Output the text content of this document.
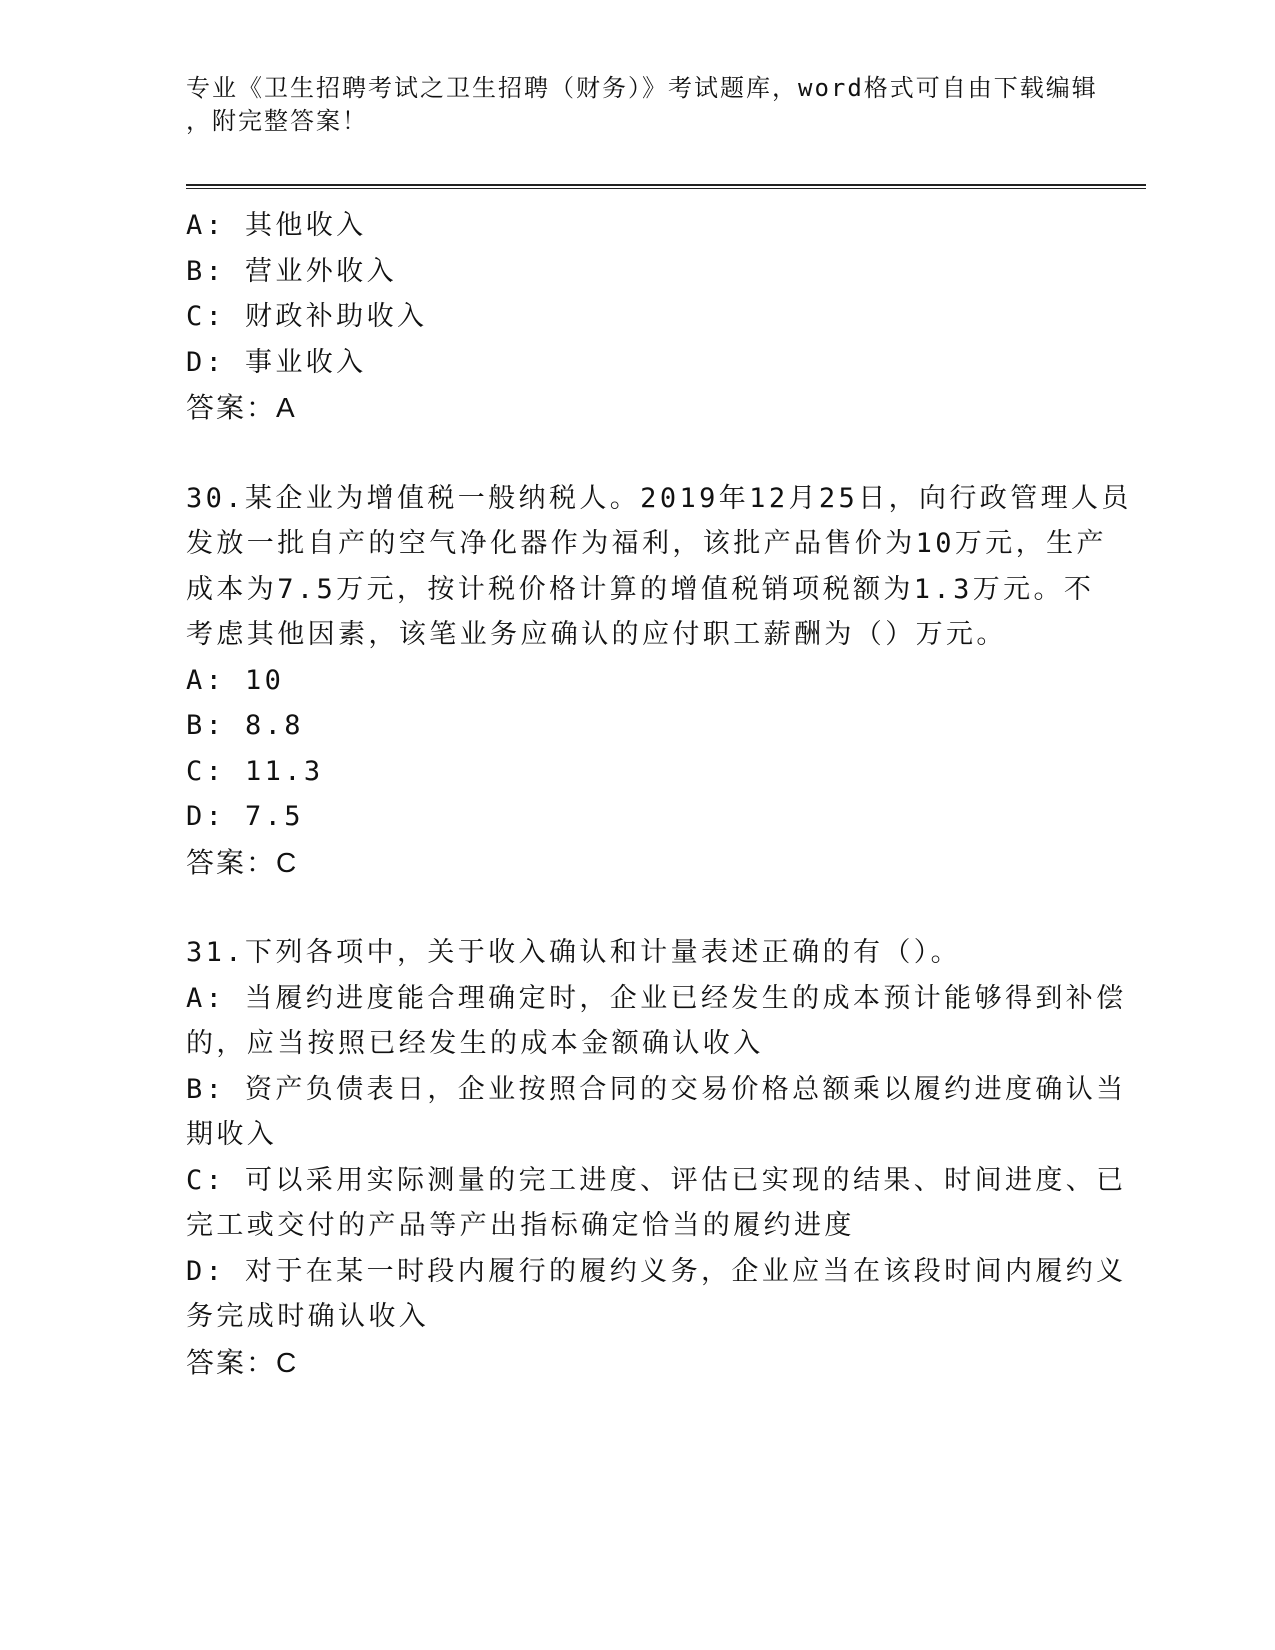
专业《卫生招聘考试之卫生招聘（财务）》考试题库，word格式可自由下载编辑

，附完整答案！

A: 其他收入

B: 营业外收入

C: 财政补助收入

D: 事业收入

答案：A

30.某企业为增值税一般纳税人。2019年12月25日，向行政管理人员

发放一批自产的空气净化器作为福利，该批产品售价为10万元，生产

成本为7.5万元，按计税价格计算的增值税销项税额为1.3万元。不

考虑其他因素，该笔业务应确认的应付职工薪酬为（）万元。

A: 10

B: 8.8

C: 11.3

D: 7.5

答案：C

31.下列各项中，关于收入确认和计量表述正确的有（）。

A: 当履约进度能合理确定时，企业已经发生的成本预计能够得到补偿

的，应当按照已经发生的成本金额确认收入

B: 资产负债表日，企业按照合同的交易价格总额乘以履约进度确认当

期收入

C: 可以采用实际测量的完工进度、评估已实现的结果、时间进度、已

完工或交付的产品等产出指标确定恰当的履约进度

D: 对于在某一时段内履行的履约义务，企业应当在该段时间内履约义

务完成时确认收入

答案：C
